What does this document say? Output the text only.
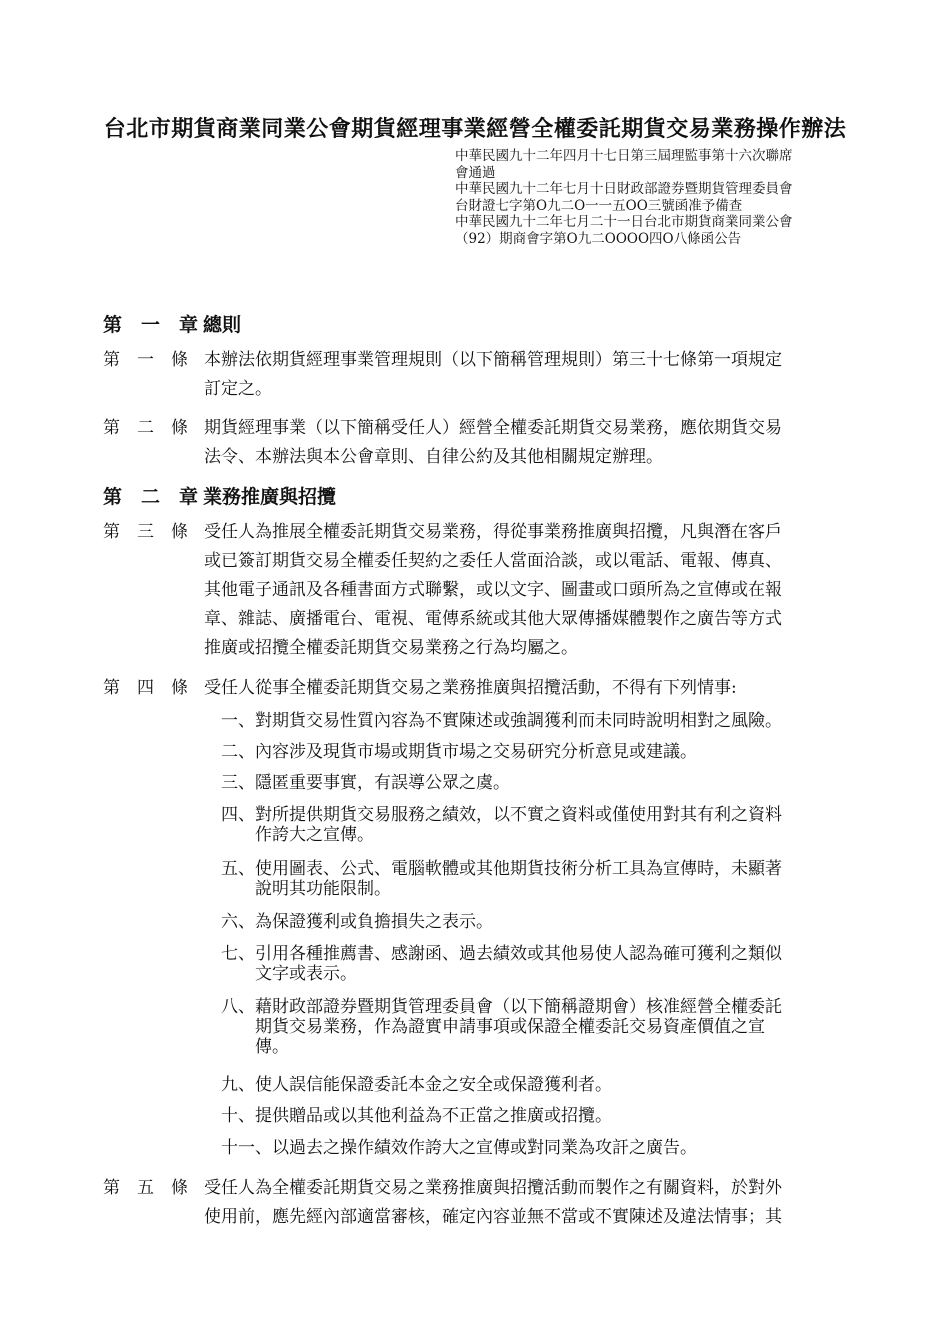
台北市期貨商業同業公會期貨經理事業經營全權委託期貨交易業務操作辦法
中華民國九十二年四月十七日第三屆理監事第十六次聯席
會通過
中華民國九十二年七月十日財政部證券暨期貨管理委員會
台財證七字第О九二О一一五ОО三號函准予備查
中華民國九十二年七月二十一日台北市期貨商業同業公會
（92）期商會字第О九二ОООО四О八條函公告
第　一　章 總則
第　一　條 本辦法依期貨經理事業管理規則（以下簡稱管理規則）第三十七條第一項規定
訂定之。
第　二　條 期貨經理事業（以下簡稱受任人）經營全權委託期貨交易業務，應依期貨交易
法令、本辦法與本公會章則、自律公約及其他相關規定辦理。
第　二　章 業務推廣與招攬
第　三　條 受任人為推展全權委託期貨交易業務，得從事業務推廣與招攬，凡與潛在客戶
或已簽訂期貨交易全權委任契約之委任人當面洽談，或以電話、電報、傳真、
其他電子通訊及各種書面方式聯繫，或以文字、圖畫或口頭所為之宣傳或在報
章、雜誌、廣播電台、電視、電傳系統或其他大眾傳播媒體製作之廣告等方式
推廣或招攬全權委託期貨交易業務之行為均屬之。
第　四　條 受任人從事全權委託期貨交易之業務推廣與招攬活動，不得有下列情事:
一、對期貨交易性質內容為不實陳述或強調獲利而未同時說明相對之風險。
二、內容涉及現貨市場或期貨市場之交易研究分析意見或建議。
三、隱匿重要事實，有誤導公眾之虞。
四、對所提供期貨交易服務之績效，以不實之資料或僅使用對其有利之資料
作誇大之宣傳。
五、使用圖表、公式、電腦軟體或其他期貨技術分析工具為宣傳時，未顯著
說明其功能限制。
六、為保證獲利或負擔損失之表示。
七、引用各種推薦書、感謝函、過去績效或其他易使人認為確可獲利之類似
文字或表示。
八、藉財政部證券暨期貨管理委員會（以下簡稱證期會）核准經營全權委託
期貨交易業務，作為證實申請事項或保證全權委託交易資產價值之宣
傳。
九、使人誤信能保證委託本金之安全或保證獲利者。
十、提供贈品或以其他利益為不正當之推廣或招攬。
十一、以過去之操作績效作誇大之宣傳或對同業為攻訐之廣告。
第　五　條 受任人為全權委託期貨交易之業務推廣與招攬活動而製作之有關資料，於對外
使用前，應先經內部適當審核，確定內容並無不當或不實陳述及違法情事；其
